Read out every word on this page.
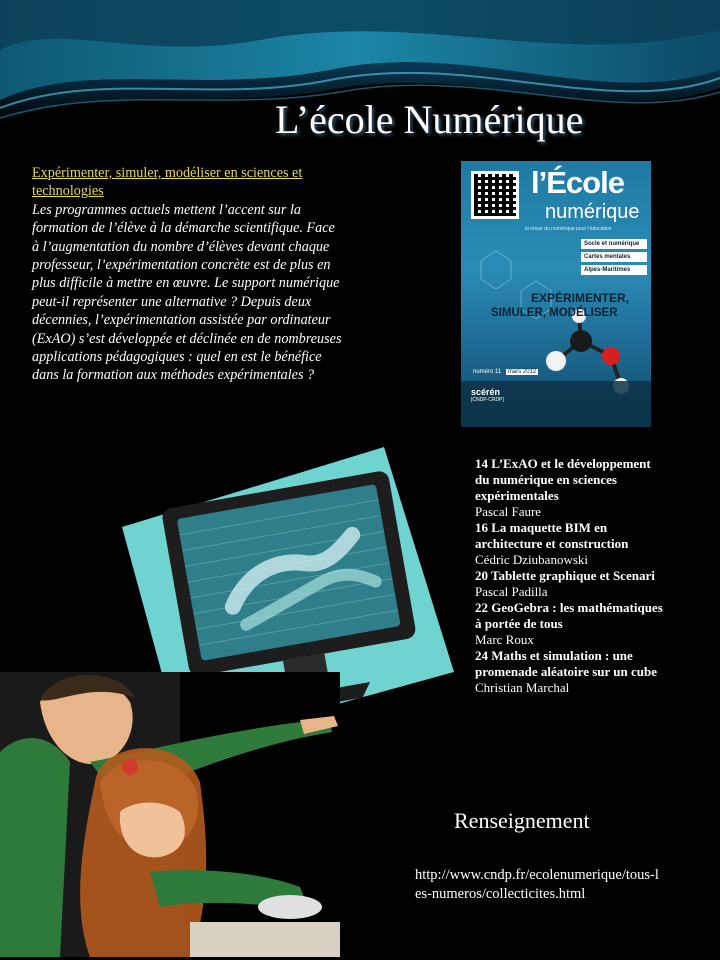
L’école Numérique
Expérimenter, simuler, modéliser en sciences et technologies
Les programmes actuels mettent l’accent sur la formation de l’élève à la démarche scientifique. Face à l’augmentation du nombre d’élèves devant chaque professeur, l’expérimentation concrète est de plus en plus difficile à mettre en œuvre. Le support numérique peut-il représenter une alternative ? Depuis deux décennies, l’expérimentation assistée par ordinateur (ExAO) s’est développée et déclinée en de nombreuses applications pédagogiques : quel en est le bénéfice dans la formation aux méthodes expérimentales ?
l’École
numérique
la revue du numérique pour l’éducation
Socle et numérique
Cartes mentales
Alpes-Maritimes
EXPÉRIMENTER,
SIMULER, MODÉLISER
numéro 11 mars 2012
scérén
[CNDP-CRDP]
14 L’ExAO et le développement du numérique en sciences expérimentales
Pascal Faure
16 La maquette BIM en architecture et construction
Cédric Dziubanowski
20 Tablette graphique et Scenari
Pascal Padilla
22 GeoGebra : les mathématiques à portée de tous
Marc Roux
24 Maths et simulation : une promenade aléatoire sur un cube
Christian Marchal
Renseignement
http://www.cndp.fr/ecolenumerique/tous-les-numeros/collecticites.html
